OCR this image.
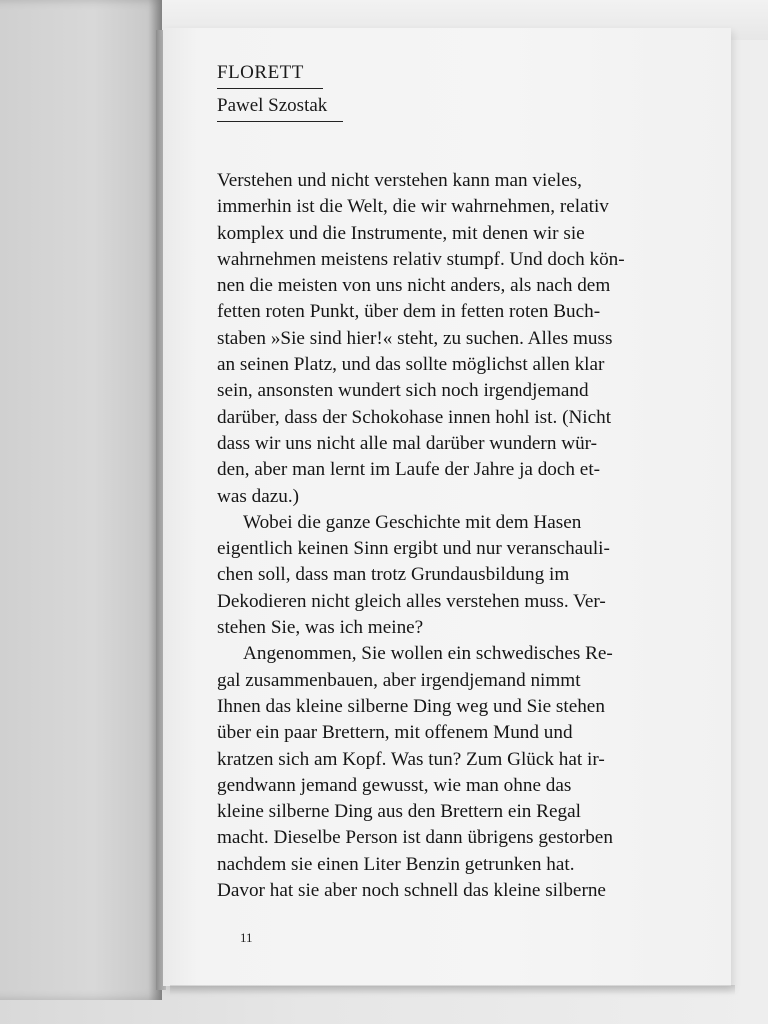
FLORETT

Pawel Szostak

Verstehen und nicht verstehen kann man vieles,
immerhin ist die Welt, die wir wahrnehmen, relativ
komplex und die Instrumente, mit denen wir sie
wahrnehmen meistens relativ stumpf. Und doch kön-
nen die meisten von uns nicht anders, als nach dem
fetten roten Punkt, über dem in fetten roten Buch-
staben »Sie sind hier!« steht, zu suchen. Alles muss
an seinen Platz, und das sollte möglichst allen klar
sein, ansonsten wundert sich noch irgendjemand
darüber, dass der Schokohase innen hohl ist. (Nicht
dass wir uns nicht alle mal darüber wundern wür-
den, aber man lernt im Laufe der Jahre ja doch et-
was dazu.)
Wobei die ganze Geschichte mit dem Hasen
eigentlich keinen Sinn ergibt und nur veranschauli-
chen soll, dass man trotz Grundausbildung im
Dekodieren nicht gleich alles verstehen muss. Ver-
stehen Sie, was ich meine?
Angenommen, Sie wollen ein schwedisches Re-
gal zusammenbauen, aber irgendjemand nimmt
Ihnen das kleine silberne Ding weg und Sie stehen
über ein paar Brettern, mit offenem Mund und
kratzen sich am Kopf. Was tun? Zum Glück hat ir-
gendwann jemand gewusst, wie man ohne das
kleine silberne Ding aus den Brettern ein Regal
macht. Dieselbe Person ist dann übrigens gestorben
nachdem sie einen Liter Benzin getrunken hat.
Davor hat sie aber noch schnell das kleine silberne
11
